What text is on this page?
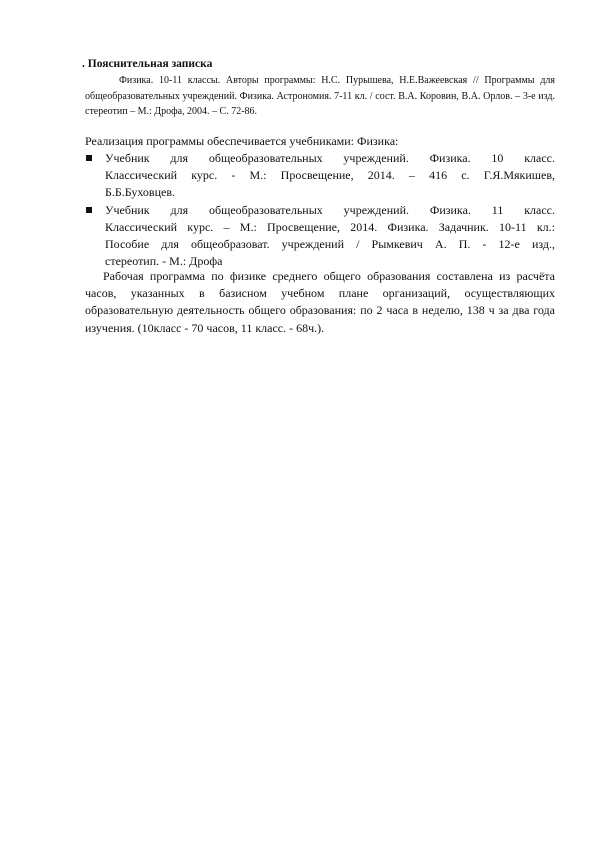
. Пояснительная записка
Физика. 10-11 классы. Авторы программы: Н.С. Пурышева, Н.Е.Важеевская // Программы для общеобразовательных учреждений. Физика. Астрономия. 7-11 кл. / сост. В.А. Коровин, В.А. Орлов. – 3-е изд. стереотип – М.: Дрофа, 2004. – С. 72-86.
Реализация программы обеспечивается учебниками: Физика:
Учебник для общеобразовательных учреждений. Физика. 10 класс.
Классический курс. - М.: Просвещение, 2014. – 416 с. Г.Я.Мякишев,
Б.Б.Буховцев.
Учебник для общеобразовательных учреждений. Физика. 11 класс.
Классический курс. – М.: Просвещение, 2014. Физика. Задачник. 10-11 кл.:
Пособие для общеобразоват. учреждений / Рымкевич А. П. - 12-е изд.,
стереотип. - М.: Дрофа
Рабочая программа по физике среднего общего образования составлена из расчёта часов, указанных в базисном учебном плане организаций, осуществляющих образовательную деятельность общего образования: по 2 часа в неделю, 138 ч за два года изучения. (10класс - 70 часов, 11 класс. - 68ч.).
